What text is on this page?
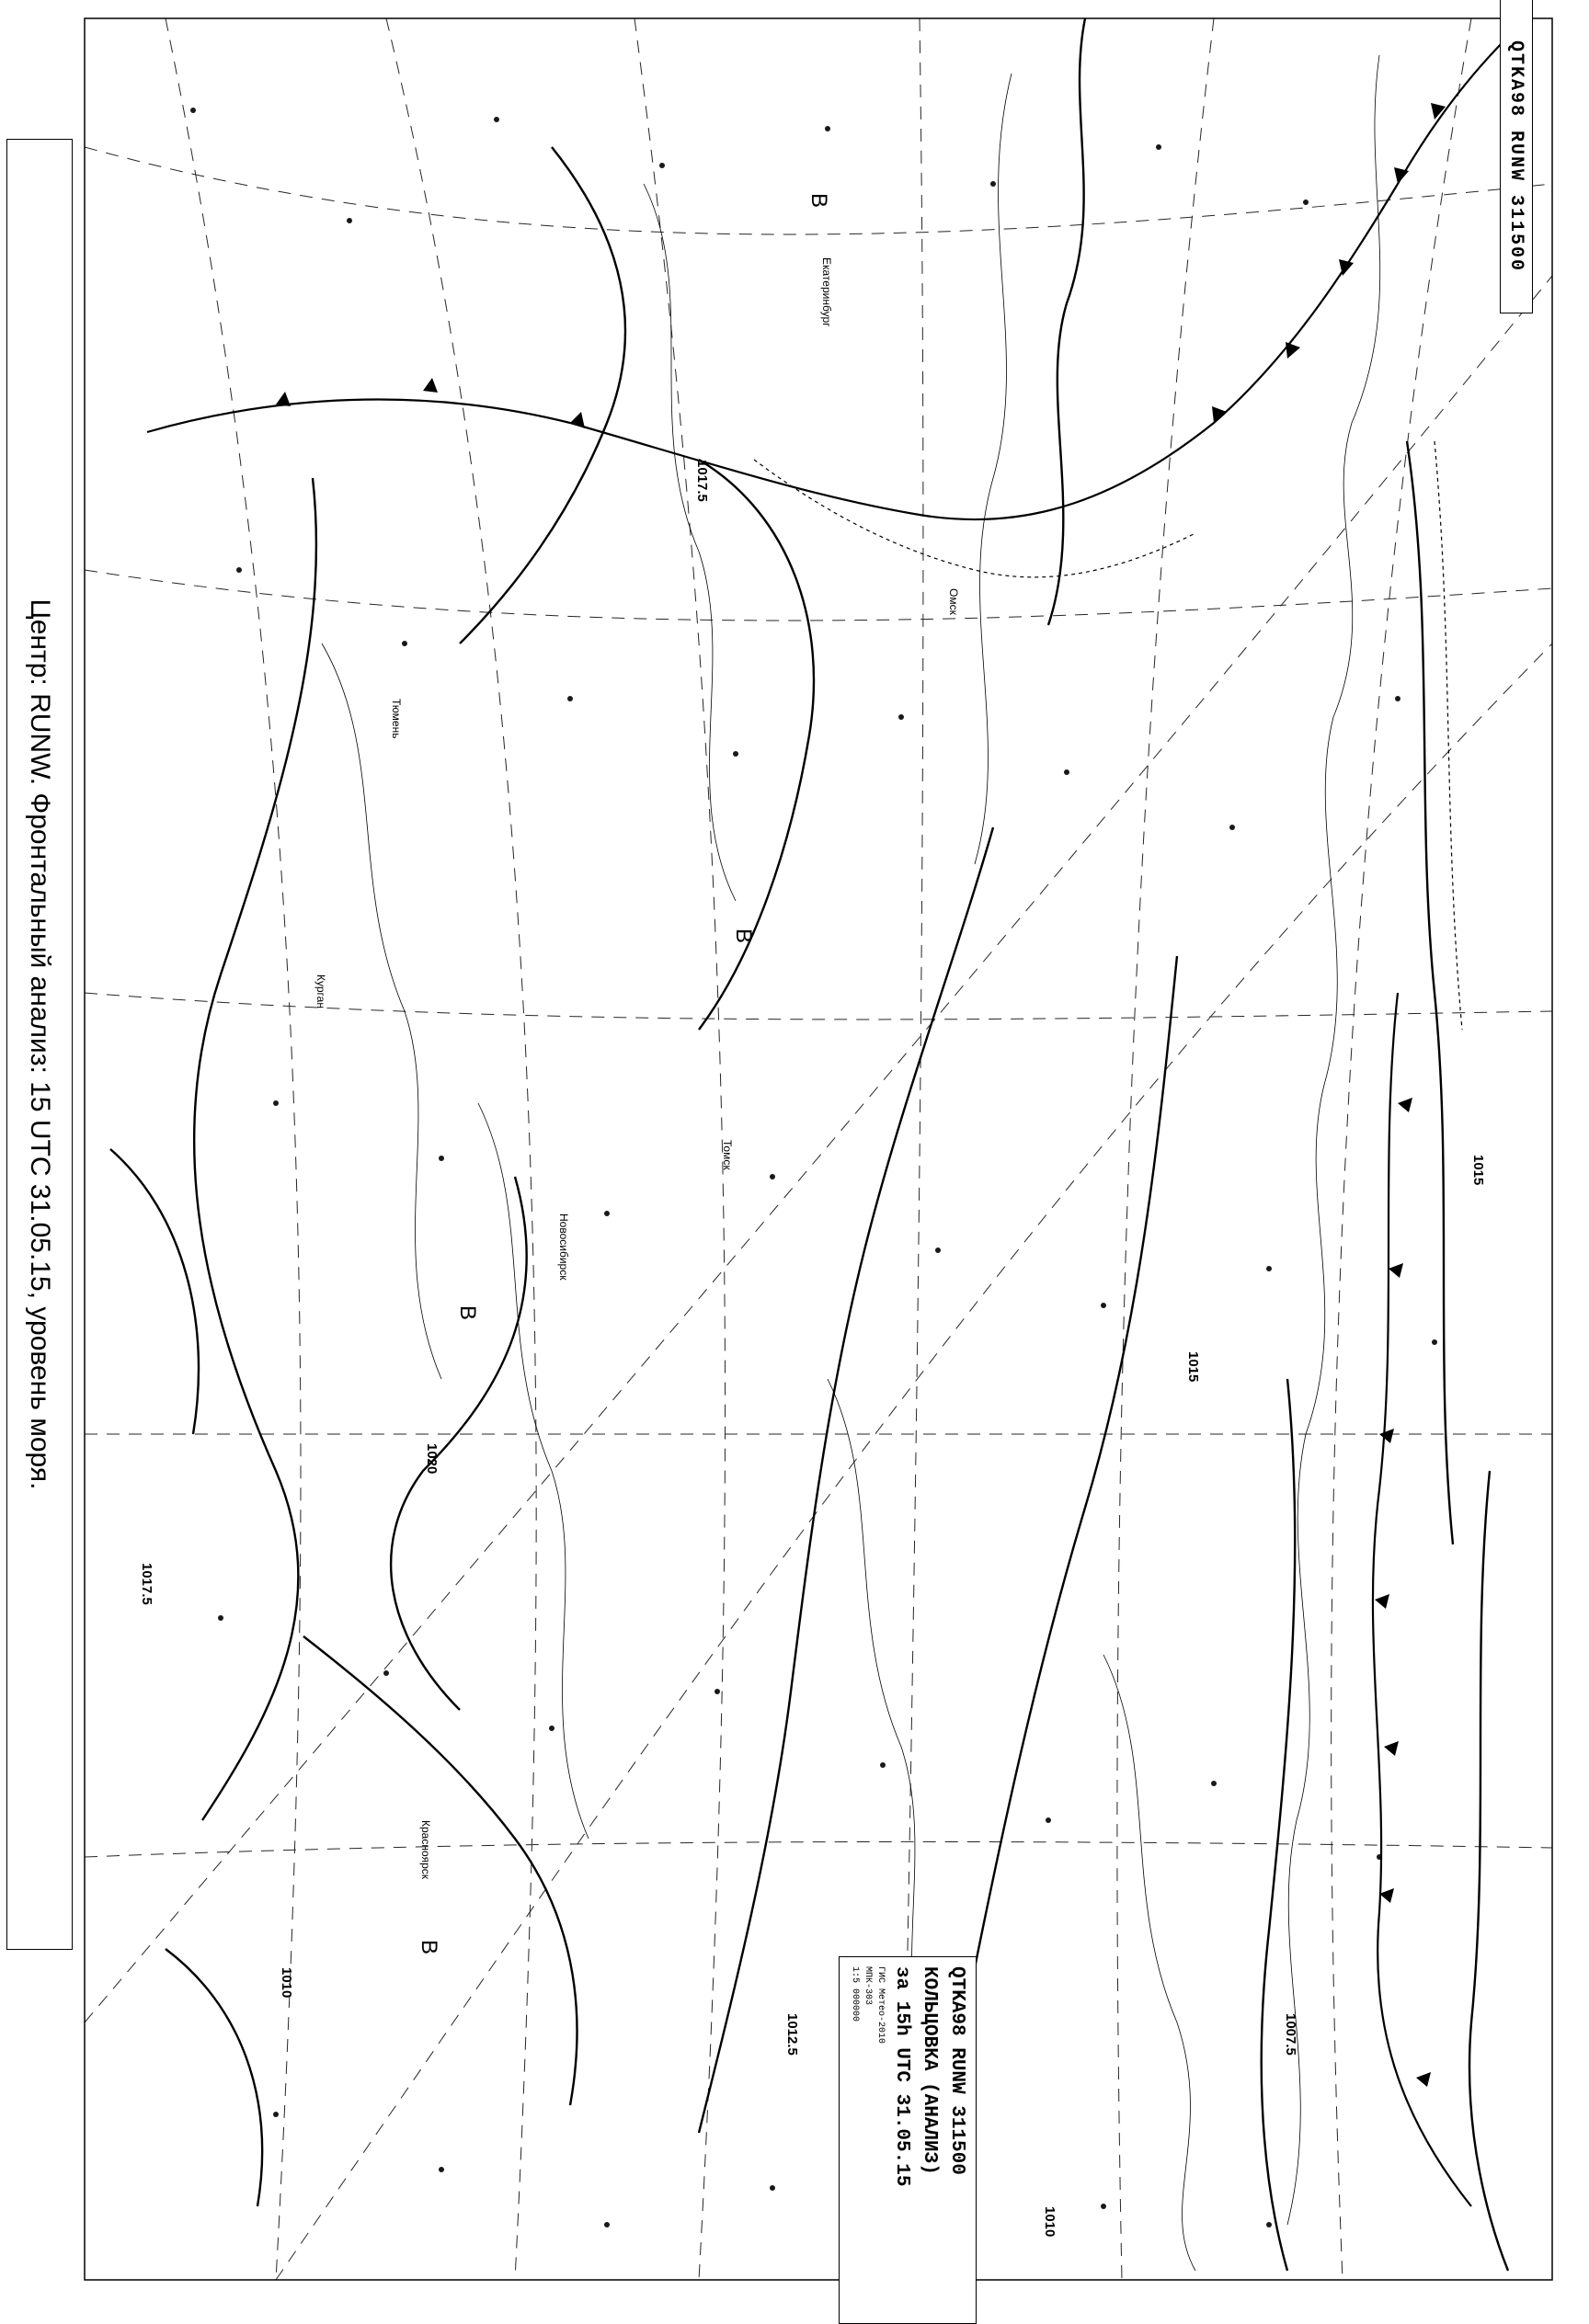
Центр: RUNW. Фронтальный анализ: 15 UTC 31.05.15, уровень моря.
QTKA98 RUNW 311500
QTKA98 RUNW 311500
КОЛЬЦОВКА (АНАЛИЗ)
за 15h UTC 31.05.15
ГИС Метео-2010
МПК-303
1:5 000000
В
В
В
В
1017.5
1020
1017.5
1015
1012.5
1010
1007.5
1015
1010
Екатеринбург
Омск
Новосибирск
Томск
Красноярск
Тюмень
Курган
